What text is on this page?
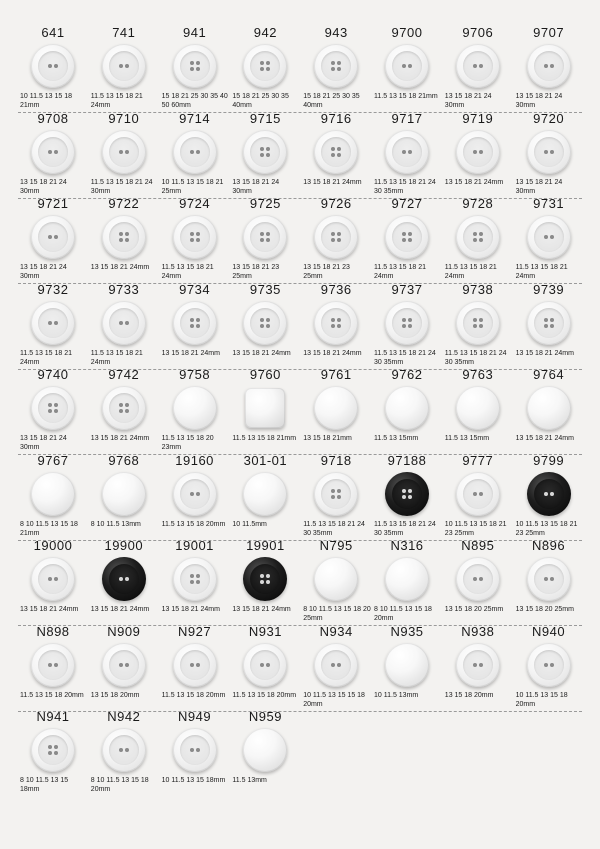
641
10 11.5 13 15 18 21mm
741
11.5 13 15 18 21 24mm
941
15 18 21 25 30 35 40 50 60mm
942
15 18 21 25 30 35 40mm
943
15 18 21 25 30 35 40mm
9700
11.5 13 15 18 21mm
9706
13 15 18 21 24 30mm
9707
13 15 18 21 24 30mm
9708
13 15 18 21 24 30mm
9710
11.5 13 15 18 21 24 30mm
9714
10 11.5 13 15 18 21 25mm
9715
13 15 18 21 24 30mm
9716
13 15 18 21 24mm
9717
11.5 13 15 18 21 24 30 35mm
9719
13 15 18 21 24mm
9720
13 15 18 21 24 30mm
9721
13 15 18 21 24 30mm
9722
13 15 18 21 24mm
9724
11.5 13 15 18 21 24mm
9725
13 15 18 21 23 25mm
9726
13 15 18 21 23 25mm
9727
11.5 13 15 18 21 24mm
9728
11.5 13 15 18 21 24mm
9731
11.5 13 15 18 21 24mm
9732
11.5 13 15 18 21 24mm
9733
11.5 13 15 18 21 24mm
9734
13 15 18 21 24mm
9735
13 15 18 21 24mm
9736
13 15 18 21 24mm
9737
11.5 13 15 18 21 24 30 35mm
9738
11.5 13 15 18 21 24 30 35mm
9739
13 15 18 21 24mm
9740
13 15 18 21 24 30mm
9742
13 15 18 21 24mm
9758
11.5 13 15 18 20 23mm
9760
11.5 13 15 18 21mm
9761
13 15 18 21mm
9762
11.5 13 15mm
9763
11.5 13 15mm
9764
13 15 18 21 24mm
9767
8 10 11.5 13 15 18 21mm
9768
8 10 11.5 13mm
19160
11.5 13 15 18 20mm
301-01
10 11.5mm
9718
11.5 13 15 18 21 24 30 35mm
97188
11.5 13 15 18 21 24 30 35mm
9777
10 11.5 13 15 18 21 23 25mm
9799
10 11.5 13 15 18 21 23 25mm
19000
13 15 18 21 24mm
19900
13 15 18 21 24mm
19001
13 15 18 21 24mm
19901
13 15 18 21 24mm
N795
8 10 11.5 13 15 18 20 25mm
N316
8 10 11.5 13 15 18 20mm
N895
13 15 18 20 25mm
N896
13 15 18 20 25mm
N898
11.5 13 15 18 20mm
N909
13 15 18 20mm
N927
11.5 13 15 18 20mm
N931
11.5 13 15 18 20mm
N934
10 11.5 13 15 15 18 20mm
N935
10 11.5 13mm
N938
13 15 18 20mm
N940
10 11.5 13 15 18 20mm
N941
8 10 11.5 13 15 18mm
N942
8 10 11.5 13 15 18 20mm
N949
10 11.5 13 15 18mm
N959
11.5 13mm
